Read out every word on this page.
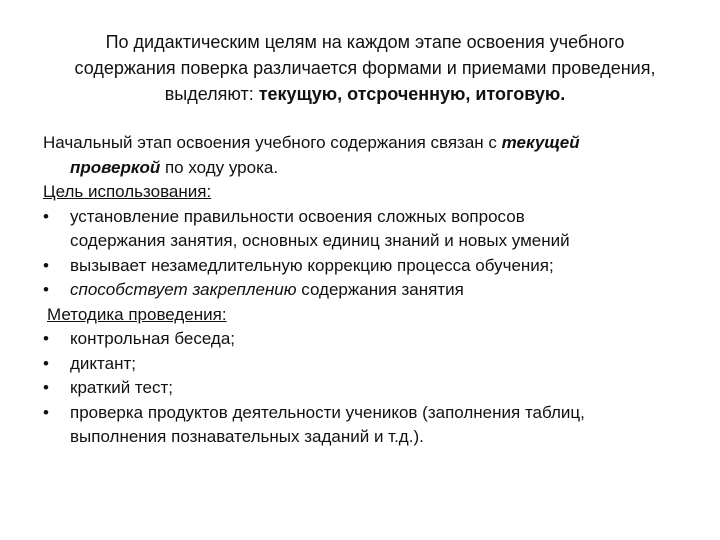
По дидактическим целям на каждом этапе освоения учебного
содержания поверка различается формами и приемами проведения,
выделяют: текущую, отсроченную, итоговую.
Начальный этап освоения учебного содержания связан с текущей
проверкой по ходу урока.
Цель использования:
•	установление правильности освоения сложных вопросов
содержания занятия, основных единиц знаний и новых умений
•	вызывает незамедлительную коррекцию процесса обучения;
•	способствует закреплению содержания занятия
Методика проведения:
•	контрольная беседа;
•	диктант;
•	краткий тест;
•	проверка продуктов деятельности учеников (заполнения таблиц,
выполнения познавательных заданий и т.д.).
